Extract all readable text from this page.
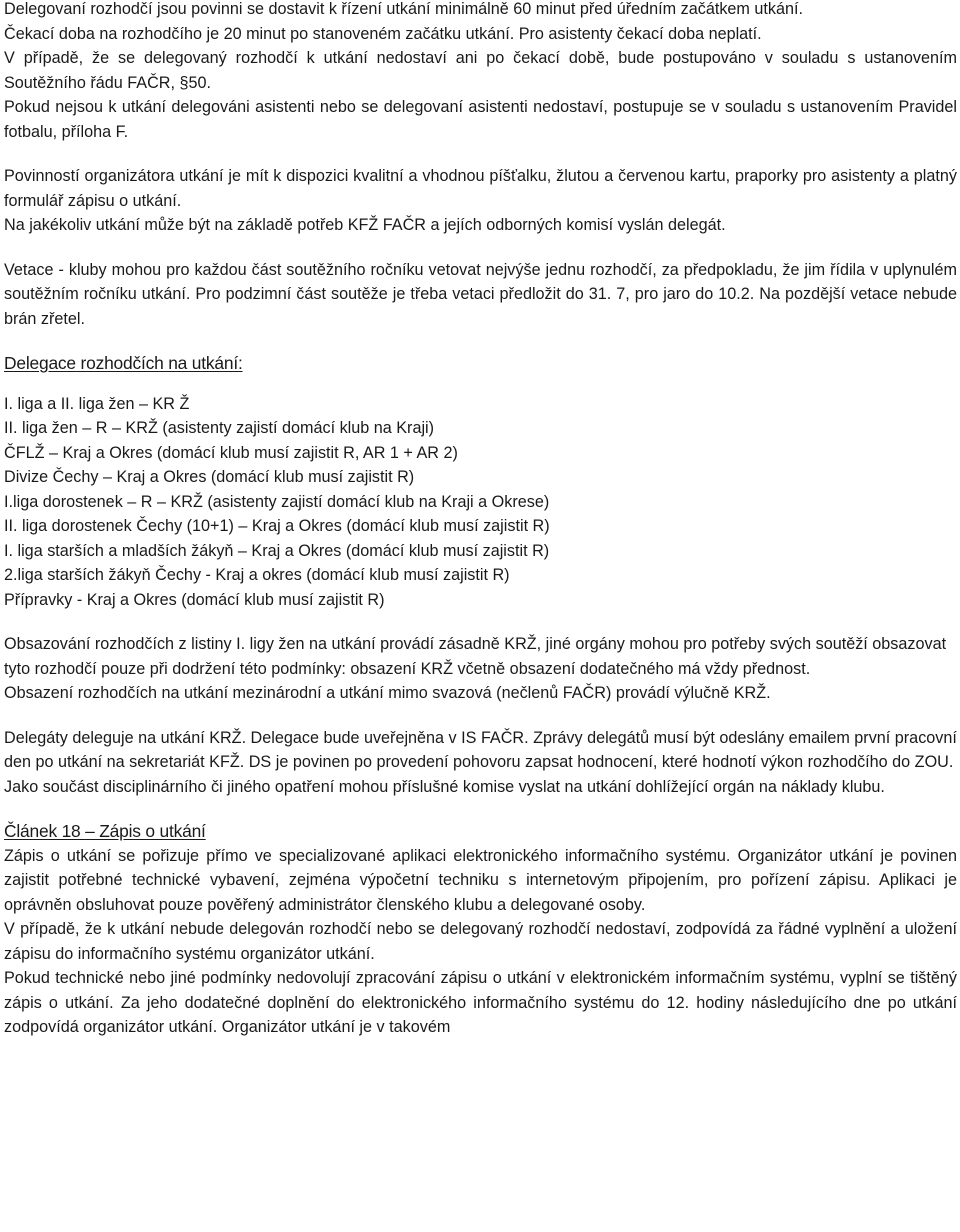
Delegovaní rozhodčí jsou povinni se dostavit k řízení utkání minimálně 60 minut před úředním začátkem utkání.

Čekací doba na rozhodčího je 20 minut po stanoveném začátku utkání. Pro asistenty čekací doba neplatí.

V případě, že se delegovaný rozhodčí k utkání nedostaví ani po čekací době, bude postupováno v souladu s ustanovením Soutěžního řádu FAČR, §50.

Pokud nejsou k utkání delegováni asistenti nebo se delegovaní asistenti nedostaví, postupuje se v souladu s ustanovením Pravidel fotbalu, příloha F.

Povinností organizátora utkání je mít k dispozici kvalitní a vhodnou píšťalku, žlutou a červenou kartu, praporky pro asistenty a platný formulář zápisu o utkání.

Na jakékoliv utkání může být na základě potřeb KFŽ FAČR a jejích odborných komisí vyslán delegát.

Vetace - kluby mohou pro každou část soutěžního ročníku vetovat nejvýše jednu rozhodčí, za předpokladu, že jim řídila v uplynulém soutěžním ročníku utkání. Pro podzimní část soutěže je třeba vetaci předložit do 31. 7, pro jaro do 10.2. Na pozdější vetace nebude brán zřetel.

Delegace rozhodčích na utkání:

I. liga a II. liga žen – KR Ž

II. liga žen – R – KRŽ (asistenty zajistí domácí klub na Kraji)

ČFLŽ – Kraj a Okres (domácí klub musí zajistit R, AR 1 + AR 2)

Divize Čechy – Kraj a Okres (domácí klub musí zajistit R)

I.liga dorostenek – R – KRŽ (asistenty zajistí domácí klub na Kraji a Okrese)

II. liga dorostenek Čechy (10+1) – Kraj a Okres (domácí klub musí zajistit R)

I. liga starších a mladších žákyň – Kraj a Okres (domácí klub musí zajistit R)

2.liga starších žákyň Čechy - Kraj a okres (domácí klub musí zajistit R)

Přípravky - Kraj a Okres (domácí klub musí zajistit R)

Obsazování rozhodčích z listiny I. ligy žen na utkání provádí zásadně KRŽ, jiné orgány mohou pro potřeby svých soutěží obsazovat tyto rozhodčí pouze při dodržení této podmínky: obsazení KRŽ včetně obsazení dodatečného má vždy přednost.

Obsazení rozhodčích na utkání mezinárodní a utkání mimo svazová (nečlenů FAČR) provádí výlučně KRŽ.

Delegáty deleguje na utkání KRŽ. Delegace bude uveřejněna v IS FAČR. Zprávy delegátů musí být odeslány emailem první pracovní den po utkání na sekretariát KFŽ. DS je povinen po provedení pohovoru zapsat hodnocení, které hodnotí výkon rozhodčího do ZOU.

Jako součást disciplinárního či jiného opatření mohou příslušné komise vyslat na utkání dohlížející orgán na náklady klubu.

Článek 18 – Zápis o utkání

Zápis o utkání se pořizuje přímo ve specializované aplikaci elektronického informačního systému. Organizátor utkání je povinen zajistit potřebné technické vybavení, zejména výpočetní techniku s internetovým připojením, pro pořízení zápisu. Aplikaci je oprávněn obsluhovat pouze pověřený administrátor členského klubu a delegované osoby.

V případě, že k utkání nebude delegován rozhodčí nebo se delegovaný rozhodčí nedostaví, zodpovídá za řádné vyplnění a uložení zápisu do informačního systému organizátor utkání.

Pokud technické nebo jiné podmínky nedovolují zpracování zápisu o utkání v elektronickém informačním systému, vyplní se tištěný zápis o utkání. Za jeho dodatečné doplnění do elektronického informačního systému do 12. hodiny následujícího dne po utkání zodpovídá organizátor utkání. Organizátor utkání je v takovém
